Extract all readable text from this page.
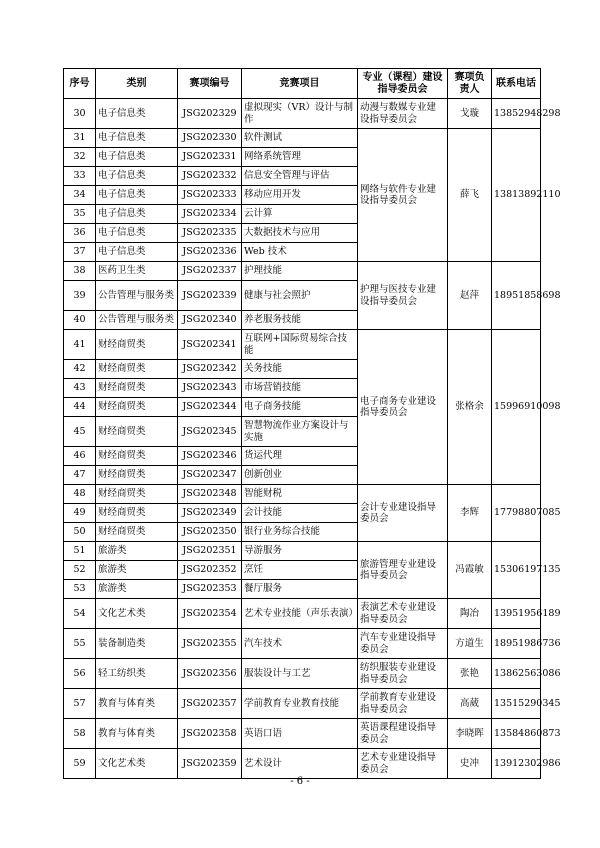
序号	类别	赛项编号	竞赛项目	专业（课程）建设指导委员会	赛项负责人	联系电话
30	电子信息类	JSG202329	虚拟现实（VR）设计与制作	动漫与数媒专业建设指导委员会	戈璇	13852948298
31	电子信息类	JSG202330	软件测试	网络与软件专业建设指导委员会	薛飞	13813892110
32	电子信息类	JSG202331	网络系统管理			
33	电子信息类	JSG202332	信息安全管理与评估			
34	电子信息类	JSG202333	移动应用开发			
35	电子信息类	JSG202334	云计算			
36	电子信息类	JSG202335	大数据技术与应用			
37	电子信息类	JSG202336	Web 技术			
38	医药卫生类	JSG202337	护理技能	护理与医技专业建设指导委员会	赵萍	18951858698
39	公告管理与服务类	JSG202339	健康与社会照护			
40	公告管理与服务类	JSG202340	养老服务技能			
41	财经商贸类	JSG202341	互联网+国际贸易综合技能	电子商务专业建设指导委员会	张格余	15996910098
42	财经商贸类	JSG202342	关务技能			
43	财经商贸类	JSG202343	市场营销技能			
44	财经商贸类	JSG202344	电子商务技能			
45	财经商贸类	JSG202345	智慧物流作业方案设计与实施			
46	财经商贸类	JSG202346	货运代理			
47	财经商贸类	JSG202347	创新创业			
48	财经商贸类	JSG202348	智能财税	会计专业建设指导委员会	李辉	17798807085
49	财经商贸类	JSG202349	会计技能			
50	财经商贸类	JSG202350	银行业务综合技能			
51	旅游类	JSG202351	导游服务	旅游管理专业建设指导委员会	冯霞敏	15306197135
52	旅游类	JSG202352	烹饪			
53	旅游类	JSG202353	餐厅服务			
54	文化艺术类	JSG202354	艺术专业技能（声乐表演）	表演艺术专业建设指导委员会	陶冶	13951956189
55	装备制造类	JSG202355	汽车技术	汽车专业建设指导委员会	方道生	18951986736
56	轻工纺织类	JSG202356	服装设计与工艺	纺织服装专业建设指导委员会	张艳	13862563086
57	教育与体育类	JSG202357	学前教育专业教育技能	学前教育专业建设指导委员会	高葳	13515290345
58	教育与体育类	JSG202358	英语口语	英语课程建设指导委员会	李晓晖	13584860873
59	文化艺术类	JSG202359	艺术设计	艺术专业建设指导委员会	史冲	13912302986
- 6 -
